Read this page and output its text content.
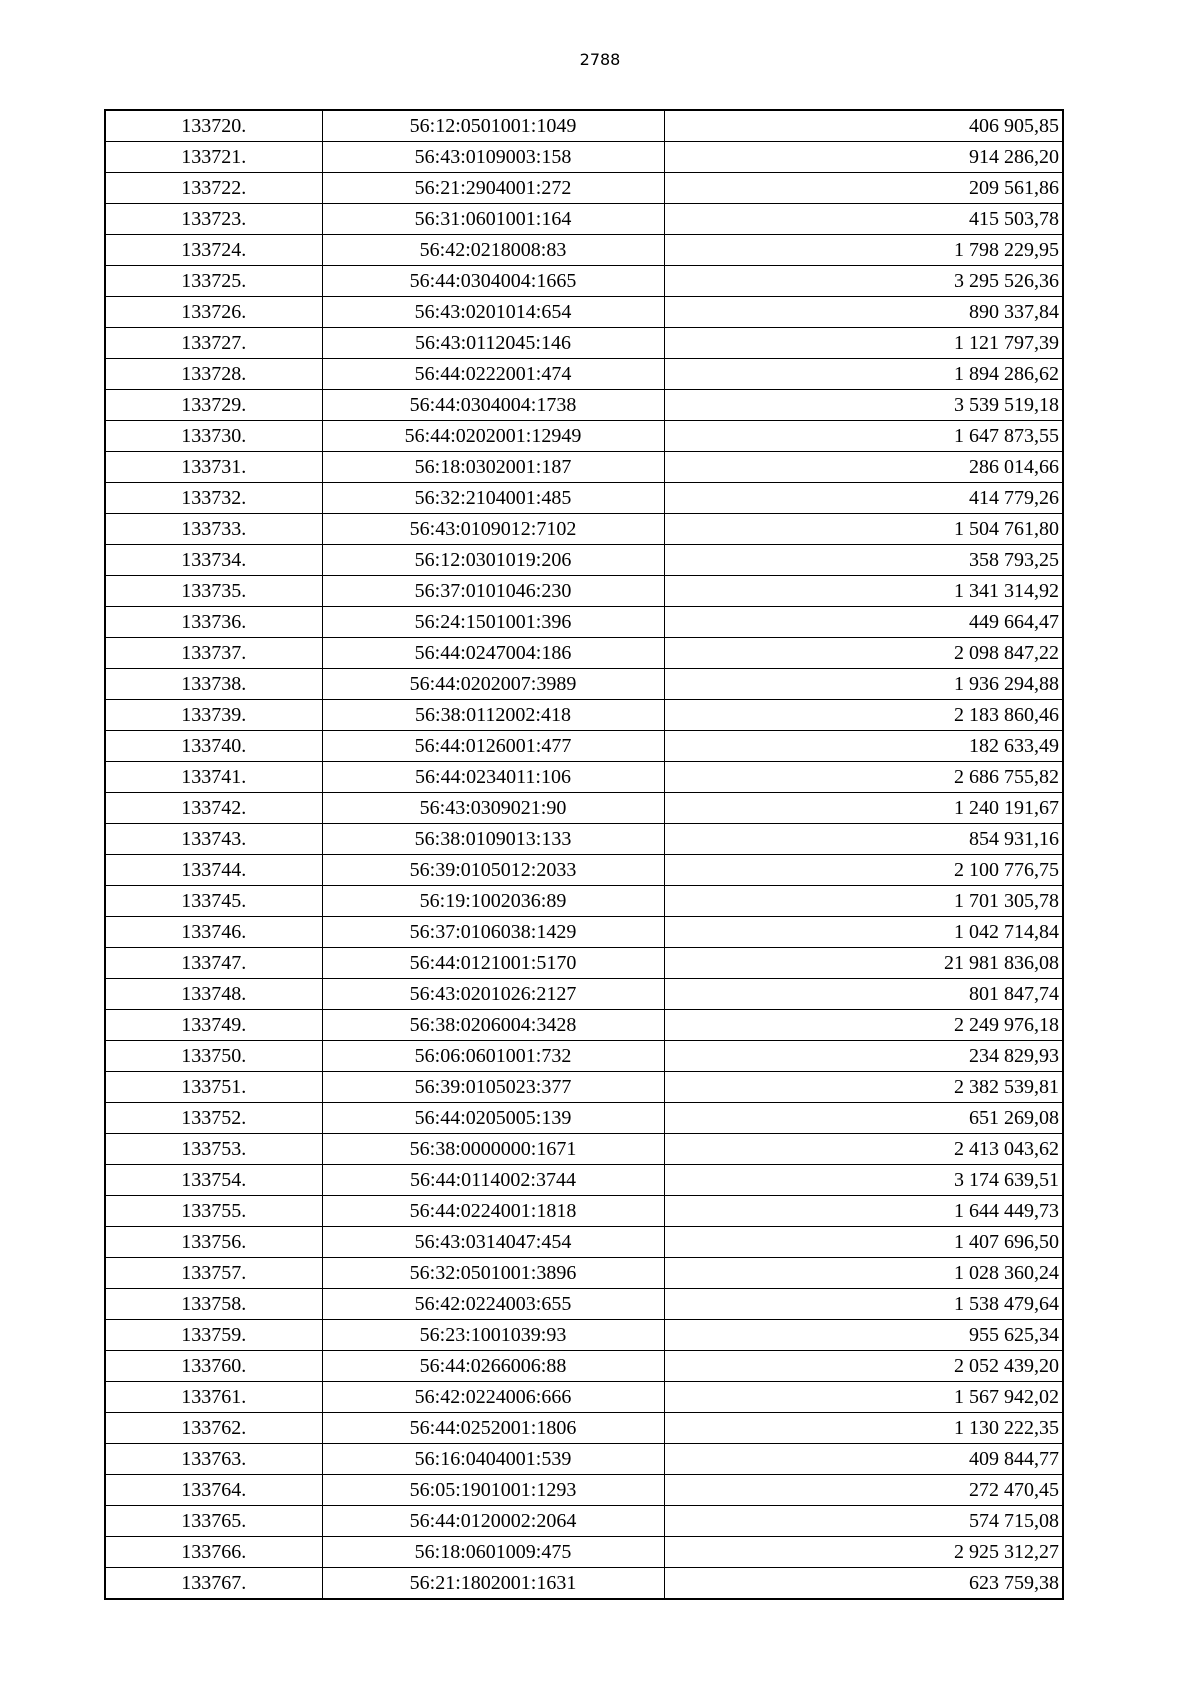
2788
133720.	56:12:0501001:1049	406 905,85
133721.	56:43:0109003:158	914 286,20
133722.	56:21:2904001:272	209 561,86
133723.	56:31:0601001:164	415 503,78
133724.	56:42:0218008:83	1 798 229,95
133725.	56:44:0304004:1665	3 295 526,36
133726.	56:43:0201014:654	890 337,84
133727.	56:43:0112045:146	1 121 797,39
133728.	56:44:0222001:474	1 894 286,62
133729.	56:44:0304004:1738	3 539 519,18
133730.	56:44:0202001:12949	1 647 873,55
133731.	56:18:0302001:187	286 014,66
133732.	56:32:2104001:485	414 779,26
133733.	56:43:0109012:7102	1 504 761,80
133734.	56:12:0301019:206	358 793,25
133735.	56:37:0101046:230	1 341 314,92
133736.	56:24:1501001:396	449 664,47
133737.	56:44:0247004:186	2 098 847,22
133738.	56:44:0202007:3989	1 936 294,88
133739.	56:38:0112002:418	2 183 860,46
133740.	56:44:0126001:477	182 633,49
133741.	56:44:0234011:106	2 686 755,82
133742.	56:43:0309021:90	1 240 191,67
133743.	56:38:0109013:133	854 931,16
133744.	56:39:0105012:2033	2 100 776,75
133745.	56:19:1002036:89	1 701 305,78
133746.	56:37:0106038:1429	1 042 714,84
133747.	56:44:0121001:5170	21 981 836,08
133748.	56:43:0201026:2127	801 847,74
133749.	56:38:0206004:3428	2 249 976,18
133750.	56:06:0601001:732	234 829,93
133751.	56:39:0105023:377	2 382 539,81
133752.	56:44:0205005:139	651 269,08
133753.	56:38:0000000:1671	2 413 043,62
133754.	56:44:0114002:3744	3 174 639,51
133755.	56:44:0224001:1818	1 644 449,73
133756.	56:43:0314047:454	1 407 696,50
133757.	56:32:0501001:3896	1 028 360,24
133758.	56:42:0224003:655	1 538 479,64
133759.	56:23:1001039:93	955 625,34
133760.	56:44:0266006:88	2 052 439,20
133761.	56:42:0224006:666	1 567 942,02
133762.	56:44:0252001:1806	1 130 222,35
133763.	56:16:0404001:539	409 844,77
133764.	56:05:1901001:1293	272 470,45
133765.	56:44:0120002:2064	574 715,08
133766.	56:18:0601009:475	2 925 312,27
133767.	56:21:1802001:1631	623 759,38
